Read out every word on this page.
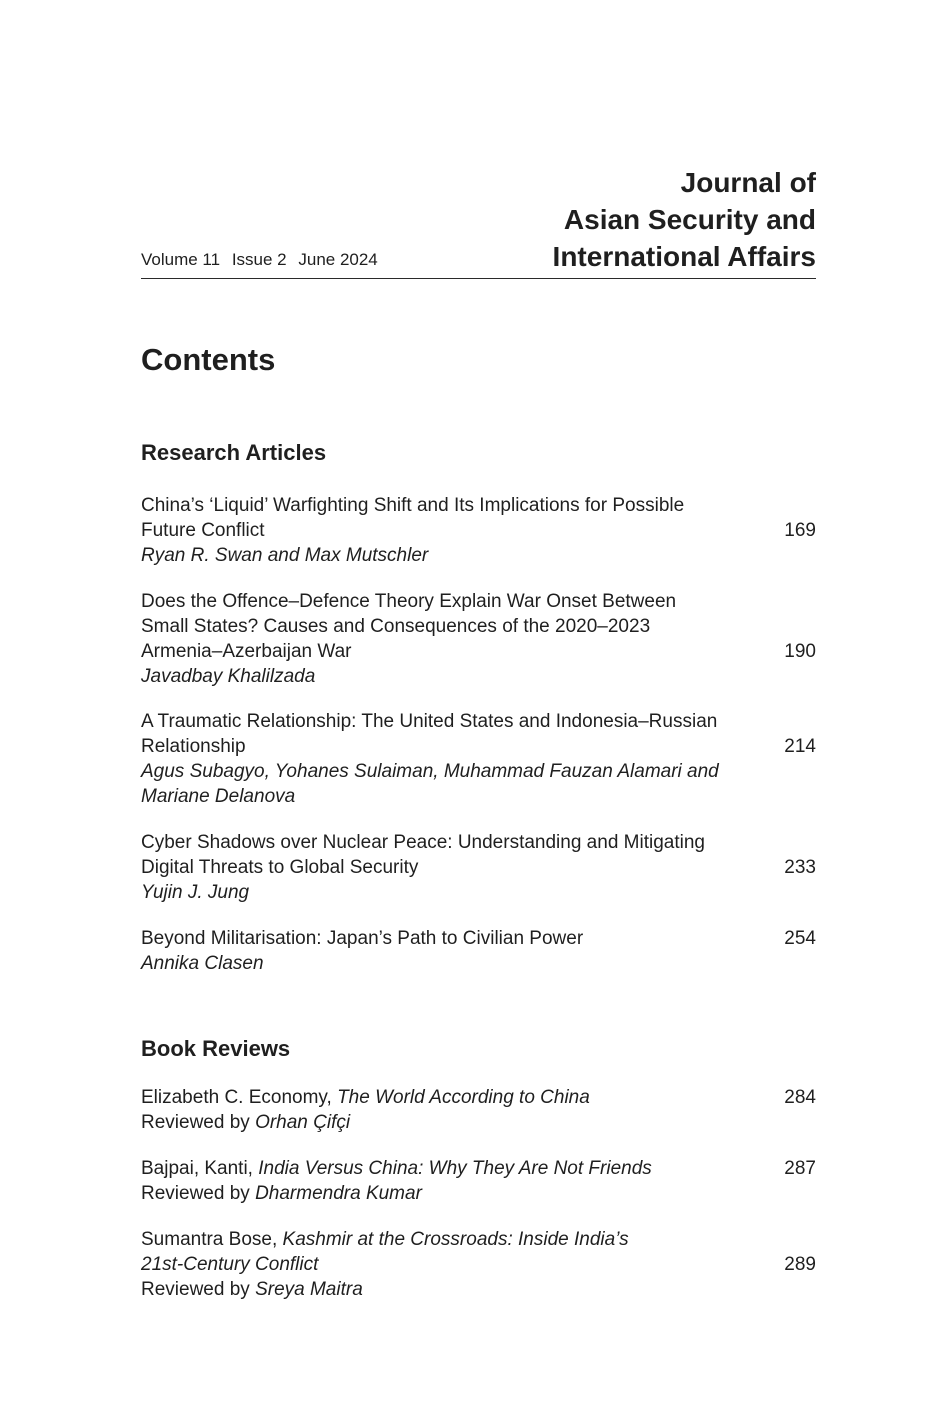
Volume 11 Issue 2 June 2024
Journal of
Asian Security and
International Affairs
Contents
Research Articles
China’s ‘Liquid’ Warfighting Shift and Its Implications for Possible
Future Conflict
Ryan R. Swan and Max Mutschler
169
Does the Offence–Defence Theory Explain War Onset Between
Small States? Causes and Consequences of the 2020–2023
Armenia–Azerbaijan War
Javadbay Khalilzada
190
A Traumatic Relationship: The United States and Indonesia–Russian
Relationship
Agus Subagyo, Yohanes Sulaiman, Muhammad Fauzan Alamari and
Mariane Delanova
214
Cyber Shadows over Nuclear Peace: Understanding and Mitigating
Digital Threats to Global Security
Yujin J. Jung
233
Beyond Militarisation: Japan’s Path to Civilian Power
Annika Clasen
254
Book Reviews
Elizabeth C. Economy, The World According to China
Reviewed by Orhan Çifçi
284
Bajpai, Kanti, India Versus China: Why They Are Not Friends
Reviewed by Dharmendra Kumar
287
Sumantra Bose, Kashmir at the Crossroads: Inside India’s
21st-Century Conflict
Reviewed by Sreya Maitra
289
